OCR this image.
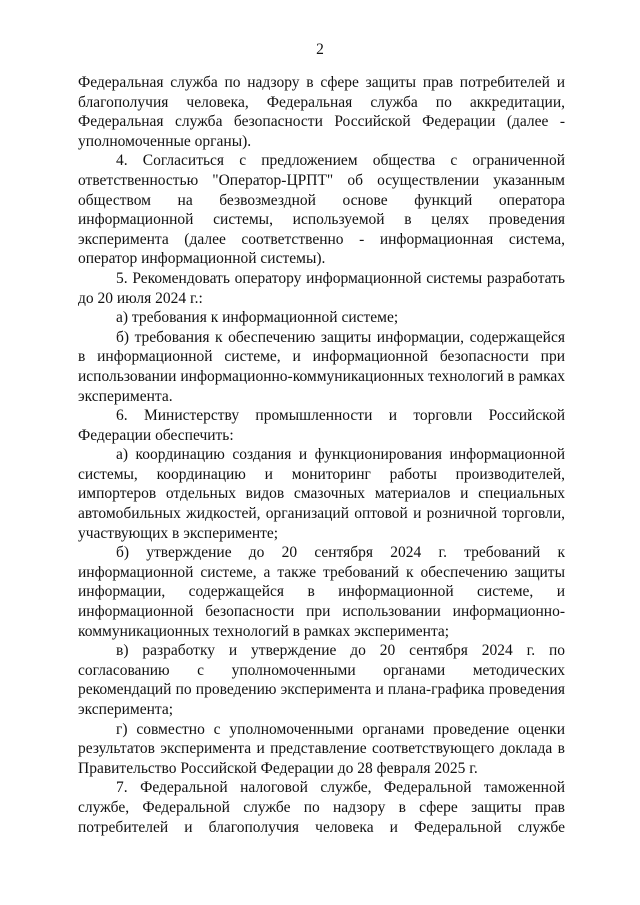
2

Федеральная служба по надзору в сфере защиты прав потребителей и благополучия человека, Федеральная служба по аккредитации, Федеральная служба безопасности Российской Федерации (далее - уполномоченные органы).

4. Согласиться с предложением общества с ограниченной ответственностью "Оператор-ЦРПТ" об осуществлении указанным обществом на безвозмездной основе функций оператора информационной системы, используемой в целях проведения эксперимента (далее соответственно - информационная система, оператор информационной системы).

5. Рекомендовать оператору информационной системы разработать до 20 июля 2024 г.:

а) требования к информационной системе;

б) требования к обеспечению защиты информации, содержащейся в информационной системе, и информационной безопасности при использовании информационно-коммуникационных технологий в рамках эксперимента.

6. Министерству промышленности и торговли Российской Федерации обеспечить:

а) координацию создания и функционирования информационной системы, координацию и мониторинг работы производителей, импортеров отдельных видов смазочных материалов и специальных автомобильных жидкостей, организаций оптовой и розничной торговли, участвующих в эксперименте;

б) утверждение до 20 сентября 2024 г. требований к информационной системе, а также требований к обеспечению защиты информации, содержащейся в информационной системе, и информационной безопасности при использовании информационно-коммуникационных технологий в рамках эксперимента;

в) разработку и утверждение до 20 сентября 2024 г. по согласованию с уполномоченными органами методических рекомендаций по проведению эксперимента и плана-графика проведения эксперимента;

г) совместно с уполномоченными органами проведение оценки результатов эксперимента и представление соответствующего доклада в Правительство Российской Федерации до 28 февраля 2025 г.

7. Федеральной налоговой службе, Федеральной таможенной службе, Федеральной службе по надзору в сфере защиты прав потребителей и благополучия человека и Федеральной службе
